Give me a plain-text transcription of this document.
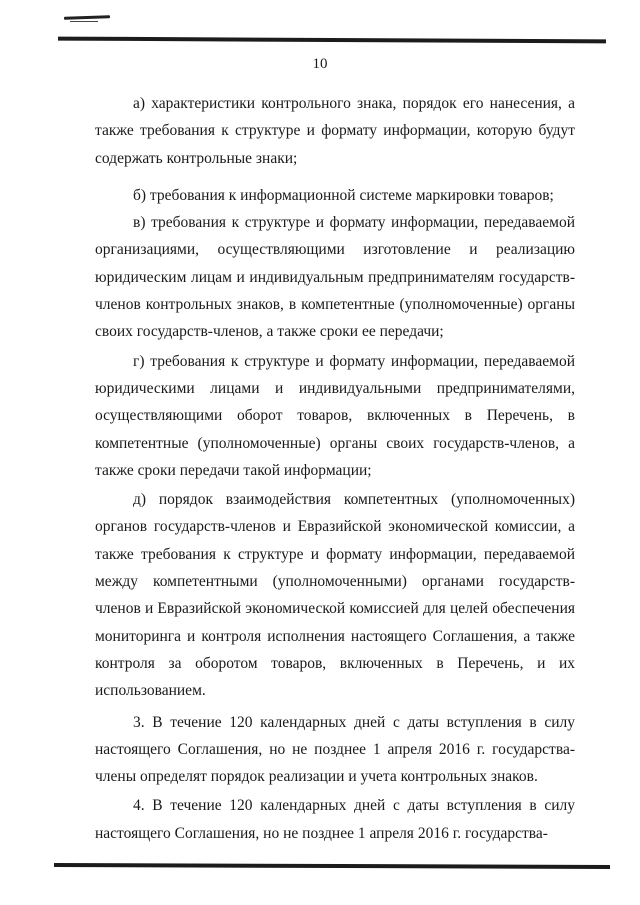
10

а) характеристики контрольного знака, порядок его нанесения, а также требования к структуре и формату информации, которую будут содержать контрольные знаки;

б) требования к информационной системе маркировки товаров;

в) требования к структуре и формату информации, передаваемой организациями, осуществляющими изготовление и реализацию юридическим лицам и индивидуальным предпринимателям государств-членов контрольных знаков, в компетентные (уполномоченные) органы своих государств-членов, а также сроки ее передачи;

г) требования к структуре и формату информации, передаваемой юридическими лицами и индивидуальными предпринимателями, осуществляющими оборот товаров, включенных в Перечень, в компетентные (уполномоченные) органы своих государств-членов, а также сроки передачи такой информации;

д) порядок взаимодействия компетентных (уполномоченных) органов государств-членов и Евразийской экономической комиссии, а также требования к структуре и формату информации, передаваемой между компетентными (уполномоченными) органами государств-членов и Евразийской экономической комиссией для целей обеспечения мониторинга и контроля исполнения настоящего Соглашения, а также контроля за оборотом товаров, включенных в Перечень, и их использованием.

3. В течение 120 календарных дней с даты вступления в силу настоящего Соглашения, но не позднее 1 апреля 2016 г. государства-члены определят порядок реализации и учета контрольных знаков.

4. В течение 120 календарных дней с даты вступления в силу настоящего Соглашения, но не позднее 1 апреля 2016 г. государства-
